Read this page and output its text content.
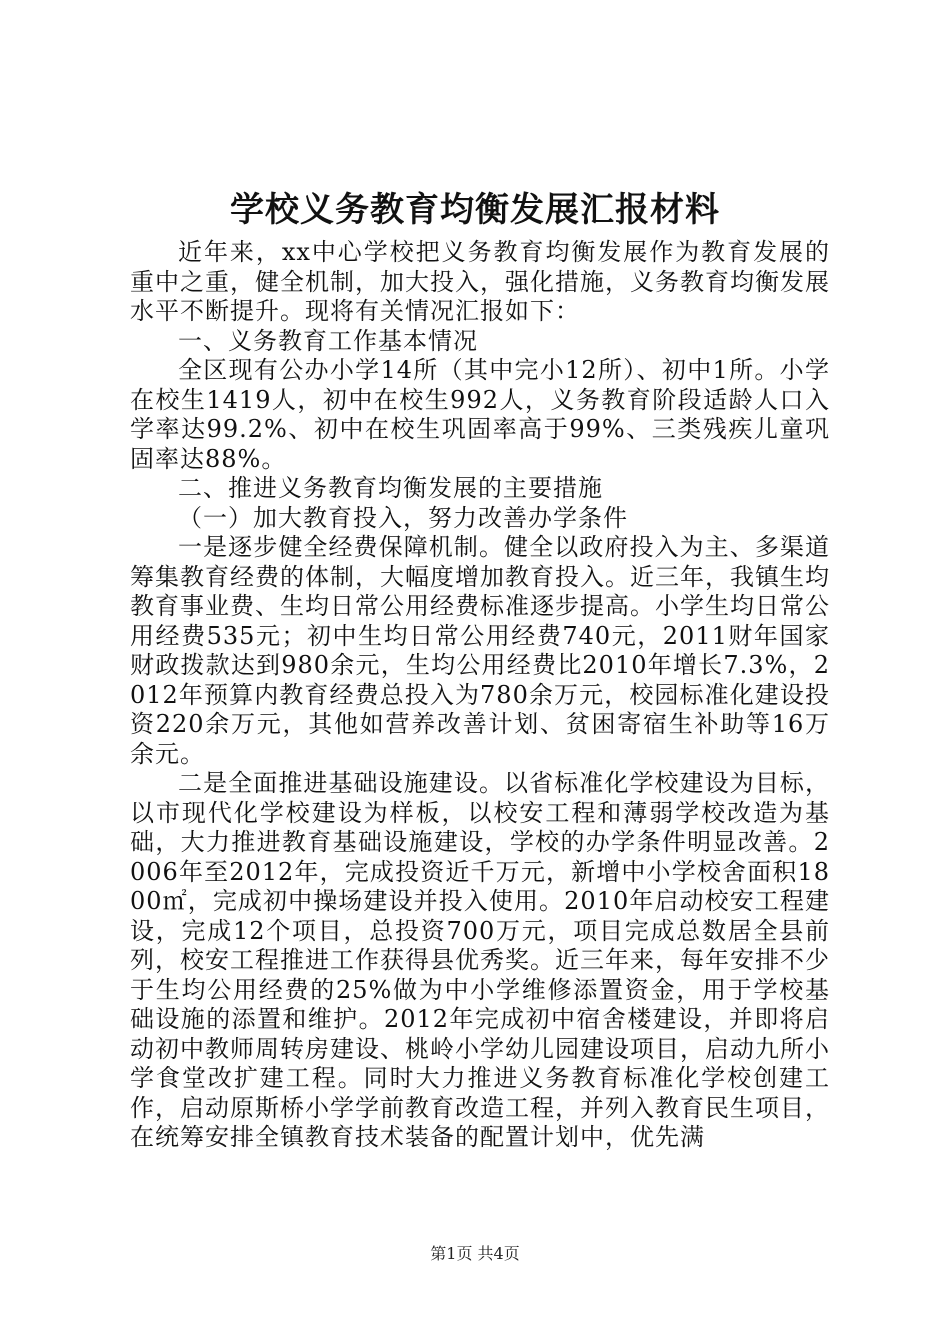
学校义务教育均衡发展汇报材料

近年来，xx中心学校把义务教育均衡发展作为教育发展的重中之重，健全机制，加大投入，强化措施，义务教育均衡发展水平不断提升。现将有关情况汇报如下：

一、义务教育工作基本情况

全区现有公办小学14所（其中完小12所）、初中1所。小学在校生1419人，初中在校生992人，义务教育阶段适龄人口入学率达99.2%、初中在校生巩固率高于99%、三类残疾儿童巩固率达88%。

二、推进义务教育均衡发展的主要措施

（一）加大教育投入，努力改善办学条件

一是逐步健全经费保障机制。健全以政府投入为主、多渠道筹集教育经费的体制，大幅度增加教育投入。近三年，我镇生均教育事业费、生均日常公用经费标准逐步提高。小学生均日常公用经费535元；初中生均日常公用经费740元，2011财年国家财政拨款达到980余元，生均公用经费比2010年增长7.3%，2012年预算内教育经费总投入为780余万元，校园标准化建设投资220余万元，其他如营养改善计划、贫困寄宿生补助等16万余元。

二是全面推进基础设施建设。以省标准化学校建设为目标，以市现代化学校建设为样板，以校安工程和薄弱学校改造为基础，大力推进教育基础设施建设，学校的办学条件明显改善。2006年至2012年，完成投资近千万元，新增中小学校舍面积1800㎡，完成初中操场建设并投入使用。2010年启动校安工程建设，完成12个项目，总投资700万元，项目完成总数居全县前列，校安工程推进工作获得县优秀奖。近三年来，每年安排不少于生均公用经费的25%做为中小学维修添置资金，用于学校基础设施的添置和维护。2012年完成初中宿舍楼建设，并即将启动初中教师周转房建设、桃岭小学幼儿园建设项目，启动九所小学食堂改扩建工程。同时大力推进义务教育标准化学校创建工作，启动原斯桥小学学前教育改造工程，并列入教育民生项目，在统筹安排全镇教育技术装备的配置计划中，优先满

第1页 共4页
